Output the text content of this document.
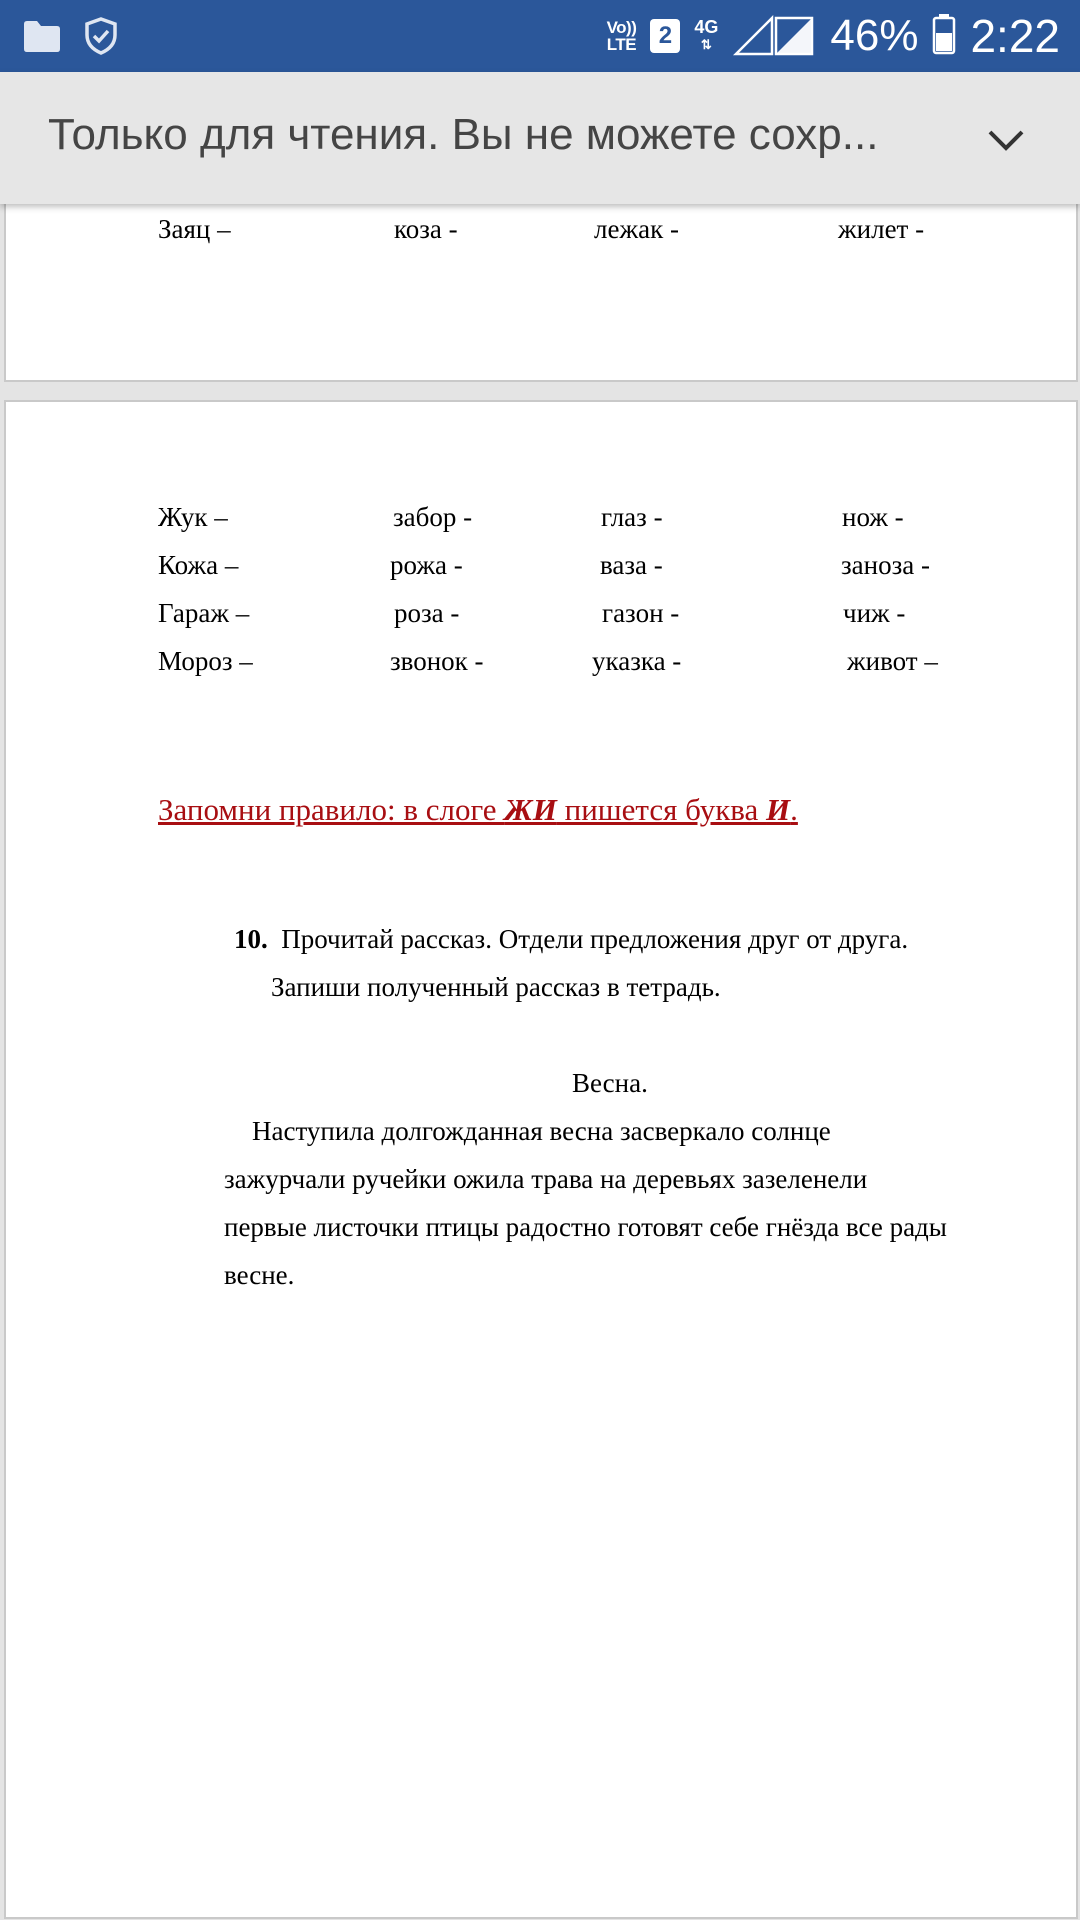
Vo))
LTE 2	4G
⇅	46% 2:22
Только для чтения. Вы не можете сохр...
Заяц –	коза -	лежак -	жилет -
Жук –	забор -	глаз -	нож -
Кожа –	рожа -	ваза -	заноза -
Гараж –	роза -	газон -	чиж -
Мороз –	звонок -	указка -	живот –
Запомни правило: в слоге ЖИ пишется буква И.
10. Прочитай рассказ. Отдели предложения друг от друга.
Запиши полученный рассказ в тетрадь.
Весна.
Наступила долгожданная весна засверкало солнце
зажурчали ручейки ожила трава на деревьях зазеленели
первые листочки птицы радостно готовят себе гнёзда все рады
весне.
